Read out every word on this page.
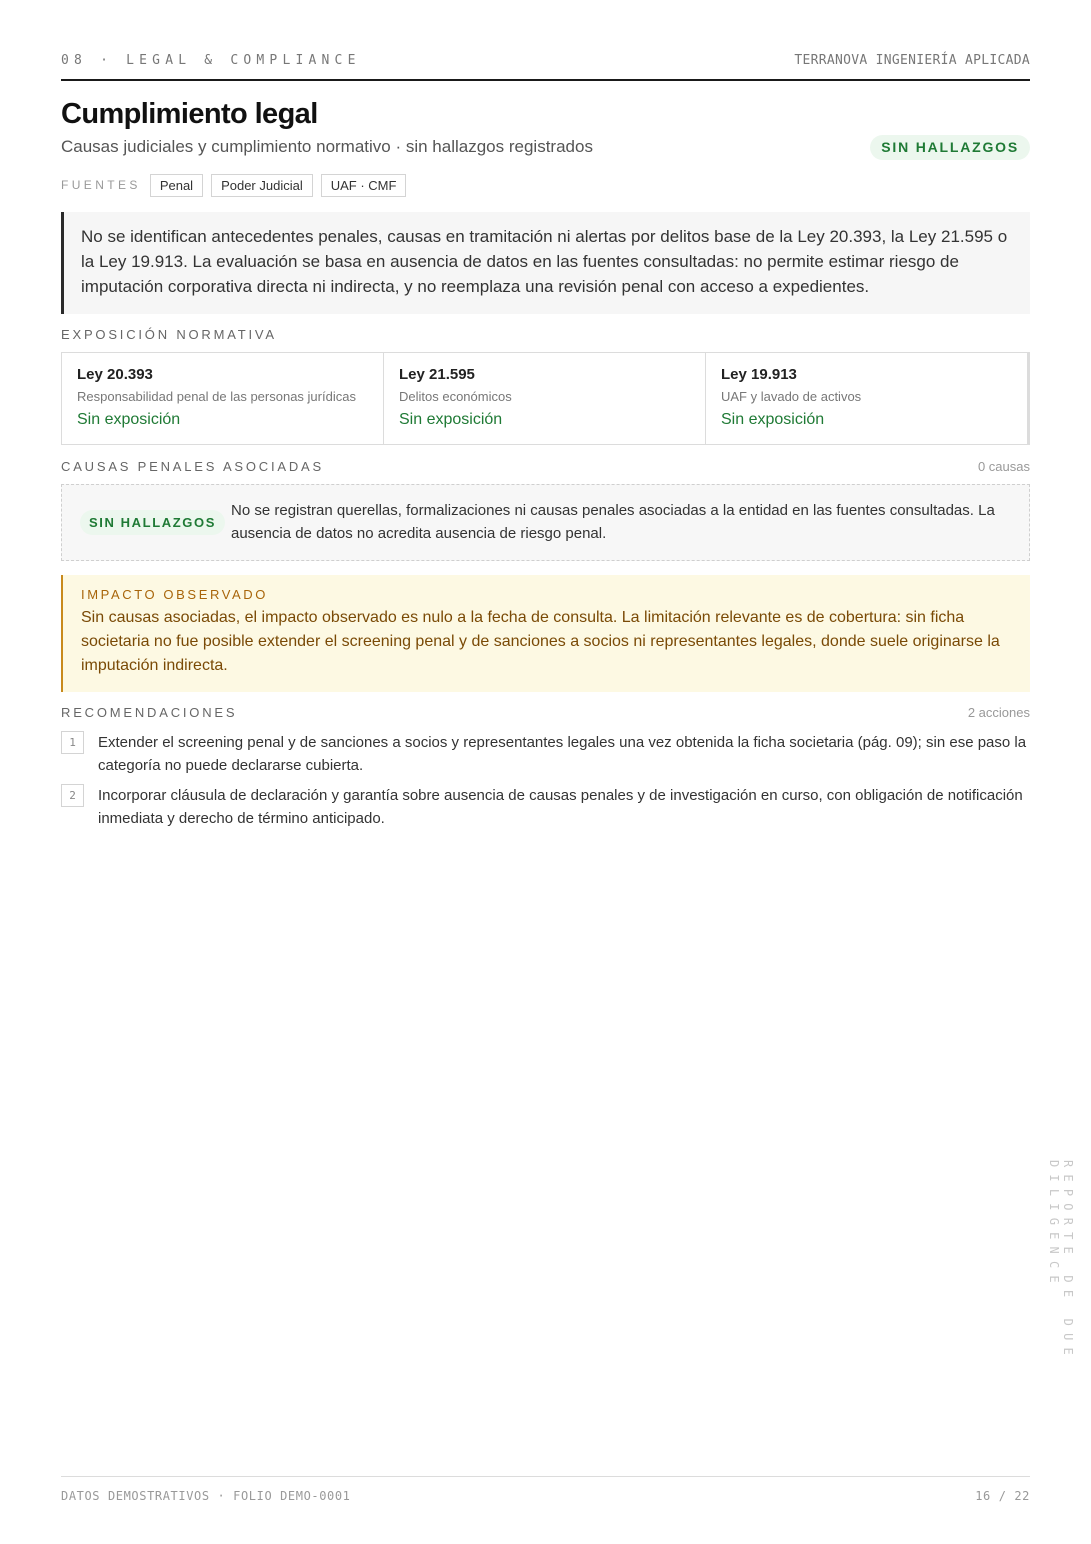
08 · LEGAL & COMPLIANCE	TERRANOVA INGENIERÍA APLICADA
Cumplimiento legal
Causas judiciales y cumplimiento normativo · sin hallazgos registrados	SIN HALLAZGOS
FUENTES	Penal	Poder Judicial	UAF · CMF
No se identifican antecedentes penales, causas en tramitación ni alertas por delitos base de la Ley 20.393, la Ley 21.595 o la Ley 19.913. La evaluación se basa en ausencia de datos en las fuentes consultadas: no permite estimar riesgo de imputación corporativa directa ni indirecta, y no reemplaza una revisión penal con acceso a expedientes.
EXPOSICIÓN NORMATIVA
Ley 20.393
Responsabilidad penal de las personas jurídicas
Sin exposición
Ley 21.595
Delitos económicos
Sin exposición
Ley 19.913
UAF y lavado de activos
Sin exposición
CAUSAS PENALES ASOCIADAS	0 causas
SIN HALLAZGOS
No se registran querellas, formalizaciones ni causas penales asociadas a la entidad en las fuentes consultadas. La ausencia de datos no acredita ausencia de riesgo penal.
IMPACTO OBSERVADO
Sin causas asociadas, el impacto observado es nulo a la fecha de consulta. La limitación relevante es de cobertura: sin ficha societaria no fue posible extender el screening penal y de sanciones a socios ni representantes legales, donde suele originarse la imputación indirecta.
RECOMENDACIONES	2 acciones
1	Extender el screening penal y de sanciones a socios y representantes legales una vez obtenida la ficha societaria (pág. 09); sin ese paso la categoría no puede declararse cubierta.
2	Incorporar cláusula de declaración y garantía sobre ausencia de causas penales y de investigación en curso, con obligación de notificación inmediata y derecho de término anticipado.
REPORTE DE DUE DILIGENCE
DATOS DEMOSTRATIVOS · FOLIO DEMO-0001	16 / 22
